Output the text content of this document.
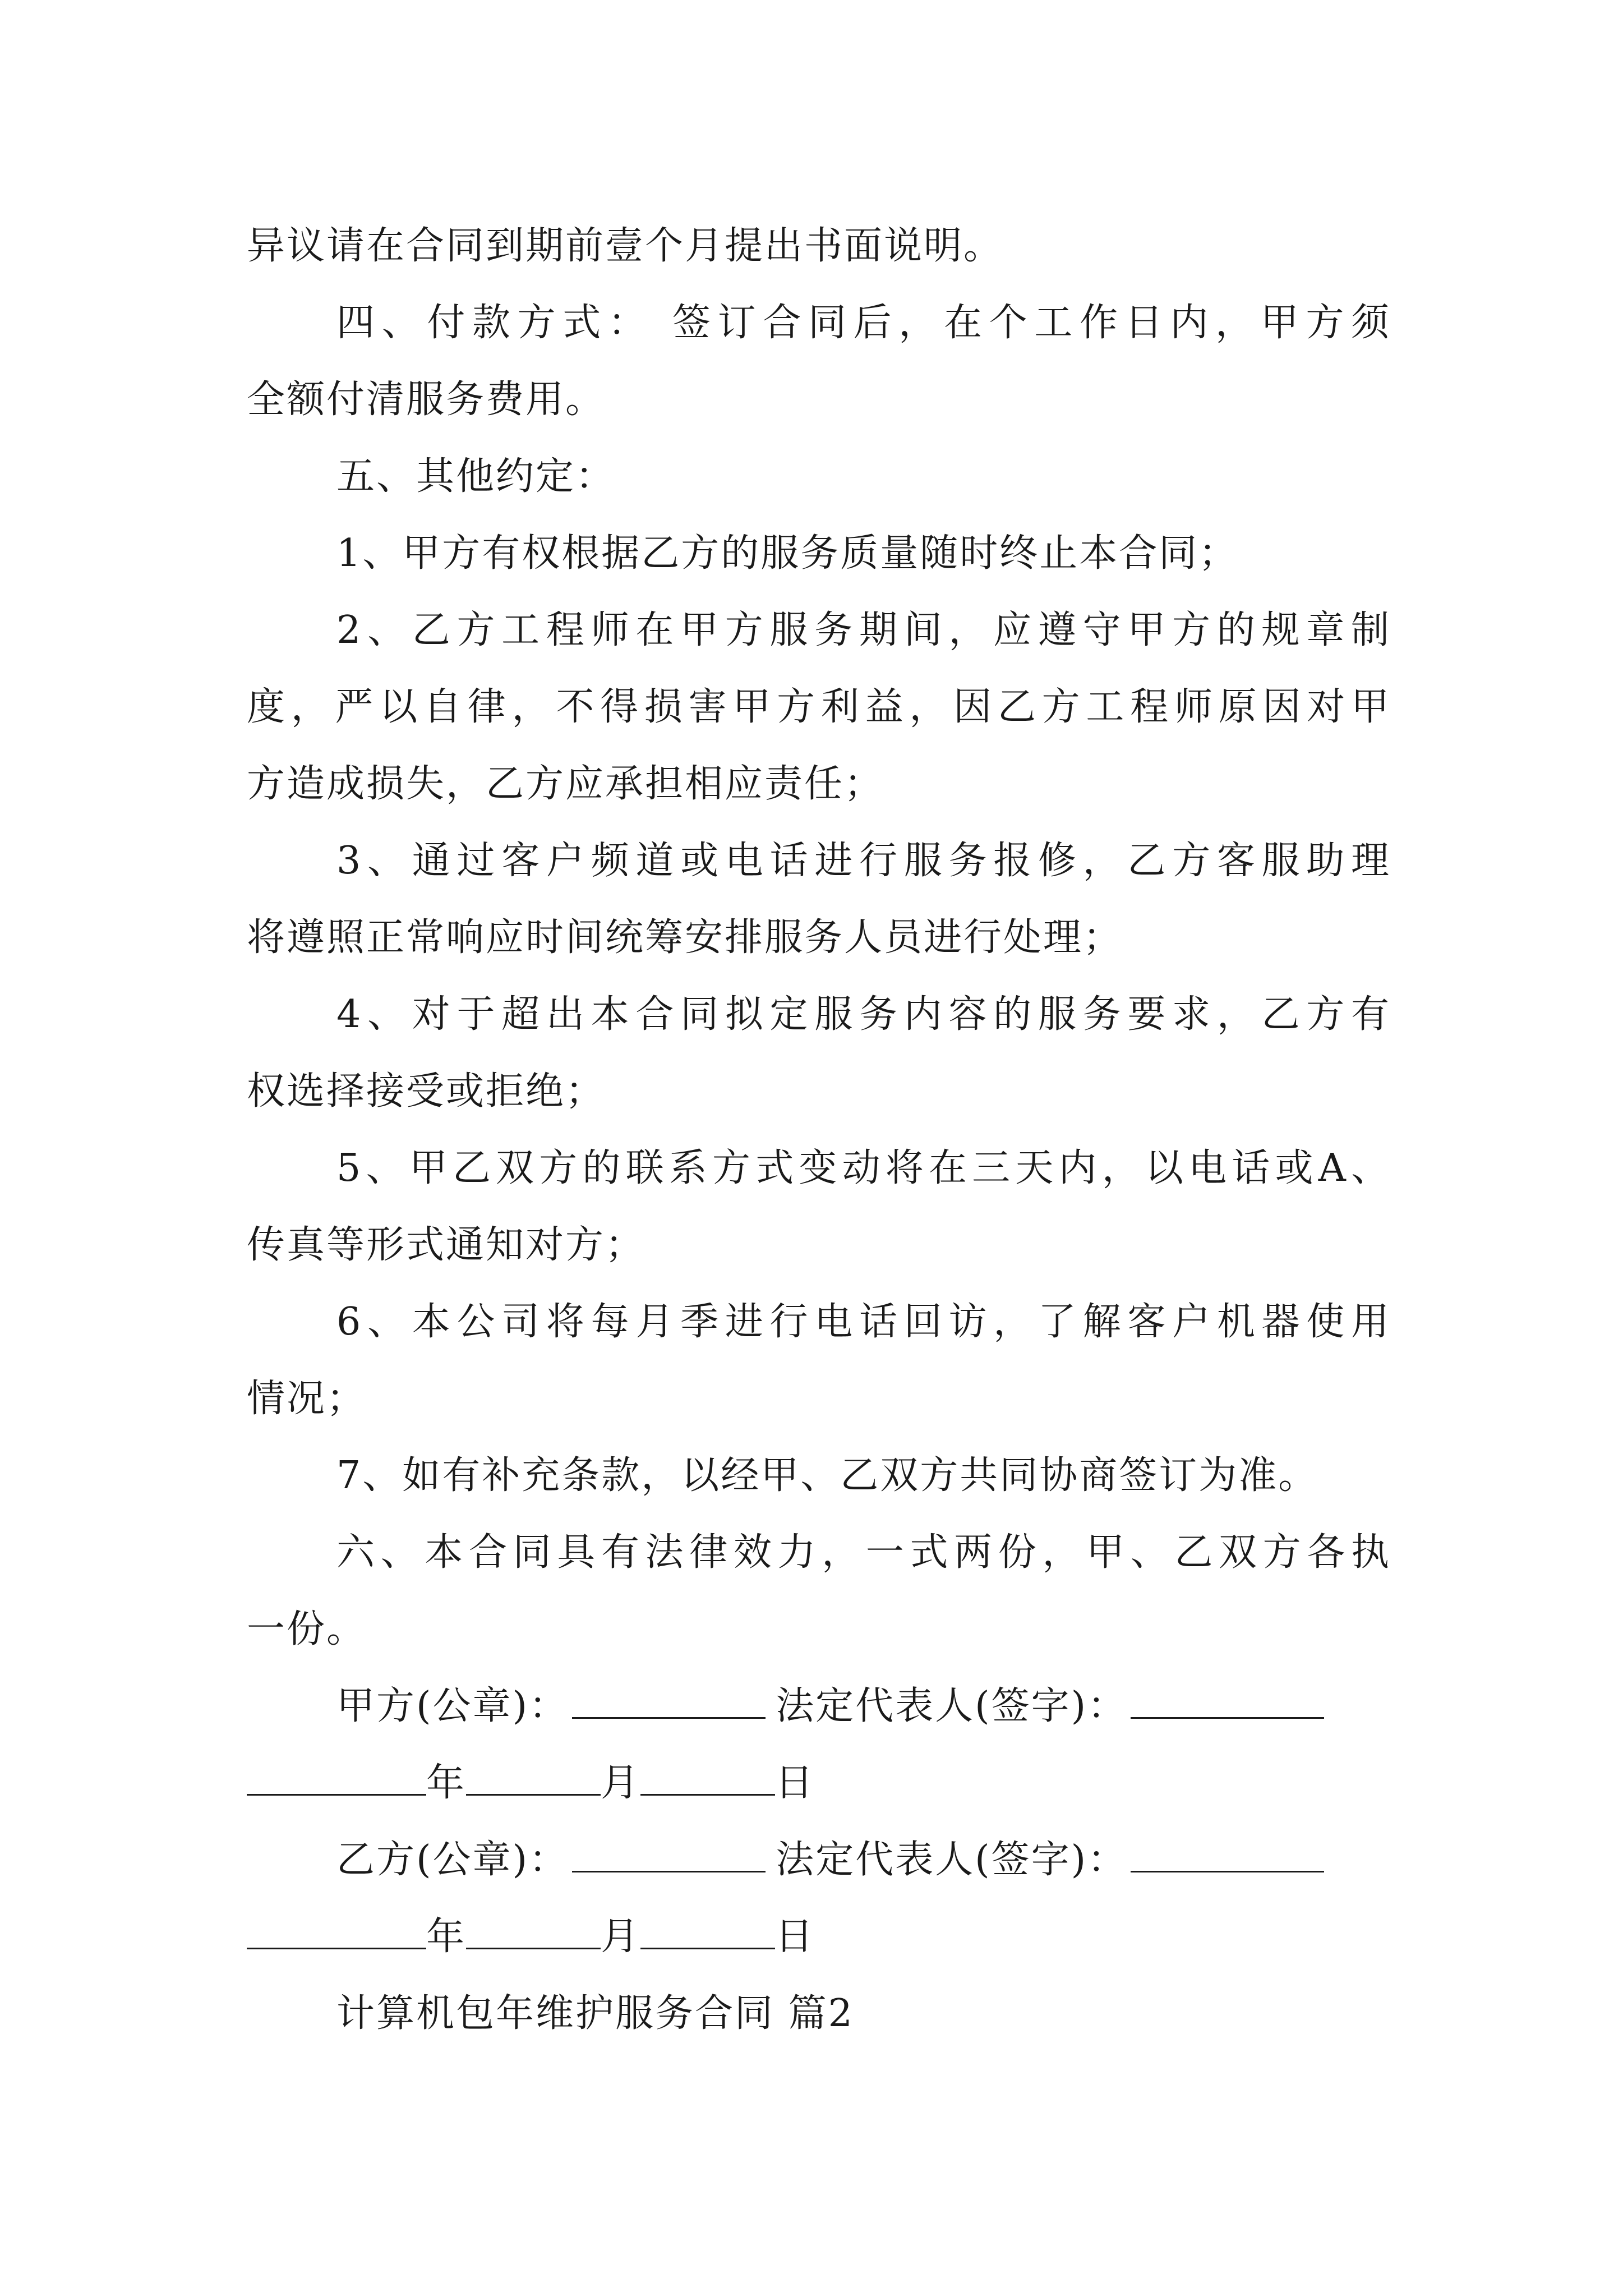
异议请在合同到期前壹个月提出书面说明。
四、付款方式： 签订合同后，在个工作日内，甲方须
全额付清服务费用。
五、其他约定：
1、甲方有权根据乙方的服务质量随时终止本合同；
2、乙方工程师在甲方服务期间，应遵守甲方的规章制
度，严以自律，不得损害甲方利益，因乙方工程师原因对甲
方造成损失，乙方应承担相应责任；
3、通过客户频道或电话进行服务报修，乙方客服助理
将遵照正常响应时间统筹安排服务人员进行处理；
4、对于超出本合同拟定服务内容的服务要求，乙方有
权选择接受或拒绝；
5、甲乙双方的联系方式变动将在三天内，以电话或A、
传真等形式通知对方；
6、本公司将每月季进行电话回访，了解客户机器使用
情况；
7、如有补充条款，以经甲、乙双方共同协商签订为准。
六、本合同具有法律效力，一式两份，甲、乙双方各执
一份。
甲方(公章)：	法定代表人(签字)：
年	月	日
乙方(公章)：	法定代表人(签字)：
年	月	日
计算机包年维护服务合同 篇2
